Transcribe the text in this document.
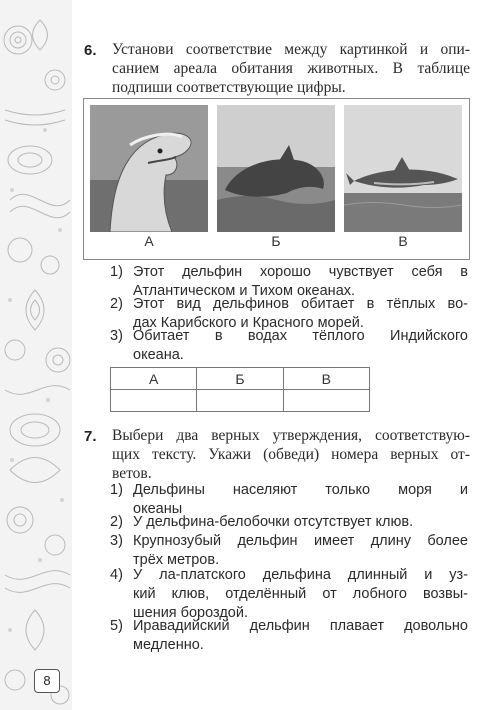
6. Установи соответствие между картинкой и опи-
санием ареала обитания животных. В таблице
подпиши соответствующие цифры.
А	Б	В
1) Этот дельфин хорошо чувствует себя в
Атлантическом и Тихом океанах.
2) Этот вид дельфинов обитает в тёплых во-
дах Карибского и Красного морей.
3) Обитает в водах тёплого Индийского
океана.
А	Б	В

7. Выбери два верных утверждения, соответствую-
щих тексту. Укажи (обведи) номера верных от-
ветов.
1) Дельфины населяют только моря и
океаны
2) У дельфина-белобочки отсутствует клюв.
3) Крупнозубый дельфин имеет длину более
трёх метров.
4) У ла-платского дельфина длинный и уз-
кий клюв, отделённый от лобного возвы-
шения бороздой.
5) Иравадийский дельфин плавает довольно
медленно.
8
